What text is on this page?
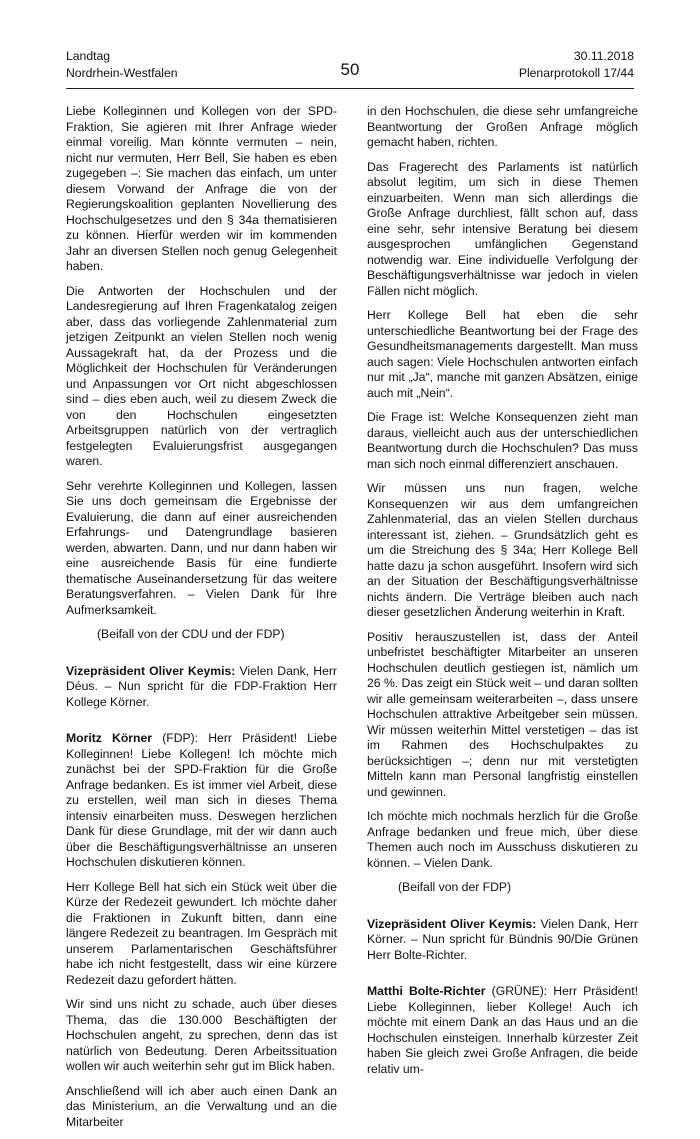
Landtag
Nordrhein-Westfalen	50
30.11.2018
Plenarprotokoll 17/44

Liebe Kolleginnen und Kollegen von der SPD-Fraktion, Sie agieren mit Ihrer Anfrage wieder einmal voreilig. Man könnte vermuten – nein, nicht nur vermuten, Herr Bell, Sie haben es eben zugegeben –: Sie machen das einfach, um unter diesem Vorwand der Anfrage die von der Regierungskoalition geplanten Novellierung des Hochschulgesetzes und den § 34a thematisieren zu können. Hierfür werden wir im kommenden Jahr an diversen Stellen noch genug Gelegenheit haben.

Die Antworten der Hochschulen und der Landesregierung auf Ihren Fragenkatalog zeigen aber, dass das vorliegende Zahlenmaterial zum jetzigen Zeitpunkt an vielen Stellen noch wenig Aussagekraft hat, da der Prozess und die Möglichkeit der Hochschulen für Veränderungen und Anpassungen vor Ort nicht abgeschlossen sind – dies eben auch, weil zu diesem Zweck die von den Hochschulen eingesetzten Arbeitsgruppen natürlich von der vertraglich festgelegten Evaluierungsfrist ausgegangen waren.

Sehr verehrte Kolleginnen und Kollegen, lassen Sie uns doch gemeinsam die Ergebnisse der Evaluierung, die dann auf einer ausreichenden Erfahrungs- und Datengrundlage basieren werden, abwarten. Dann, und nur dann haben wir eine ausreichende Basis für eine fundierte thematische Auseinandersetzung für das weitere Beratungsverfahren. – Vielen Dank für Ihre Aufmerksamkeit.

(Beifall von der CDU und der FDP)

Vizepräsident Oliver Keymis: Vielen Dank, Herr Déus. – Nun spricht für die FDP-Fraktion Herr Kollege Körner.

Moritz Körner (FDP): Herr Präsident! Liebe Kolleginnen! Liebe Kollegen! Ich möchte mich zunächst bei der SPD-Fraktion für die Große Anfrage bedanken. Es ist immer viel Arbeit, diese zu erstellen, weil man sich in dieses Thema intensiv einarbeiten muss. Deswegen herzlichen Dank für diese Grundlage, mit der wir dann auch über die Beschäftigungsverhältnisse an unseren Hochschulen diskutieren können.

Herr Kollege Bell hat sich ein Stück weit über die Kürze der Redezeit gewundert. Ich möchte daher die Fraktionen in Zukunft bitten, dann eine längere Redezeit zu beantragen. Im Gespräch mit unserem Parlamentarischen Geschäftsführer habe ich nicht festgestellt, dass wir eine kürzere Redezeit dazu gefordert hätten.

Wir sind uns nicht zu schade, auch über dieses Thema, das die 130.000 Beschäftigten der Hochschulen angeht, zu sprechen, denn das ist natürlich von Bedeutung. Deren Arbeitssituation wollen wir auch weiterhin sehr gut im Blick haben.

Anschließend will ich aber auch einen Dank an das Ministerium, an die Verwaltung und an die Mitarbeiter

in den Hochschulen, die diese sehr umfangreiche Beantwortung der Großen Anfrage möglich gemacht haben, richten.

Das Fragerecht des Parlaments ist natürlich absolut legitim, um sich in diese Themen einzuarbeiten. Wenn man sich allerdings die Große Anfrage durchliest, fällt schon auf, dass eine sehr, sehr intensive Beratung bei diesem ausgesprochen umfänglichen Gegenstand notwendig war. Eine individuelle Verfolgung der Beschäftigungsverhältnisse war jedoch in vielen Fällen nicht möglich.

Herr Kollege Bell hat eben die sehr unterschiedliche Beantwortung bei der Frage des Gesundheitsmanagements dargestellt. Man muss auch sagen: Viele Hochschulen antworten einfach nur mit „Ja“, manche mit ganzen Absätzen, einige auch mit „Nein“.

Die Frage ist: Welche Konsequenzen zieht man daraus, vielleicht auch aus der unterschiedlichen Beantwortung durch die Hochschulen? Das muss man sich noch einmal differenziert anschauen.

Wir müssen uns nun fragen, welche Konsequenzen wir aus dem umfangreichen Zahlenmaterial, das an vielen Stellen durchaus interessant ist, ziehen. – Grundsätzlich geht es um die Streichung des § 34a; Herr Kollege Bell hatte dazu ja schon ausgeführt. Insofern wird sich an der Situation der Beschäftigungsverhältnisse nichts ändern. Die Verträge bleiben auch nach dieser gesetzlichen Änderung weiterhin in Kraft.

Positiv herauszustellen ist, dass der Anteil unbefristet beschäftigter Mitarbeiter an unseren Hochschulen deutlich gestiegen ist, nämlich um 26 %. Das zeigt ein Stück weit – und daran sollten wir alle gemeinsam weiterarbeiten –, dass unsere Hochschulen attraktive Arbeitgeber sein müssen. Wir müssen weiterhin Mittel verstetigen – das ist im Rahmen des Hochschulpaktes zu berücksichtigen –; denn nur mit verstetigten Mitteln kann man Personal langfristig einstellen und gewinnen.

Ich möchte mich nochmals herzlich für die Große Anfrage bedanken und freue mich, über diese Themen auch noch im Ausschuss diskutieren zu können. – Vielen Dank.

(Beifall von der FDP)

Vizepräsident Oliver Keymis: Vielen Dank, Herr Körner. – Nun spricht für Bündnis 90/Die Grünen Herr Bolte-Richter.

Matthi Bolte-Richter (GRÜNE): Herr Präsident! Liebe Kolleginnen, lieber Kollege! Auch ich möchte mit einem Dank an das Haus und an die Hochschulen einsteigen. Innerhalb kürzester Zeit haben Sie gleich zwei Große Anfragen, die beide relativ um-
